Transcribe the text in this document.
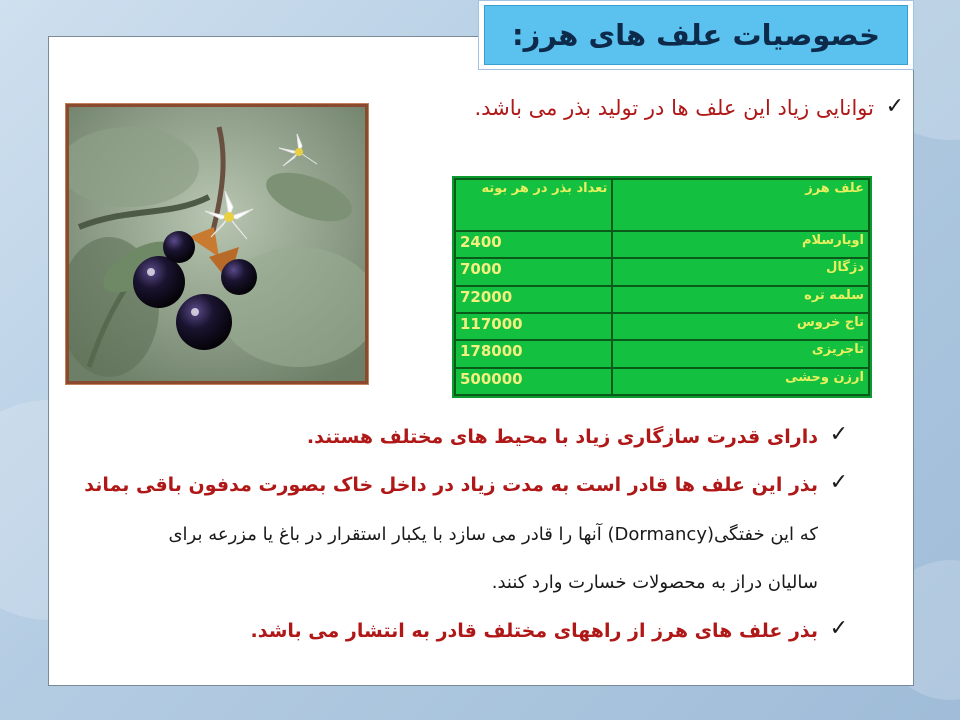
خصوصیات علف های هرز:
✓
توانایی زیاد این علف ها در تولید بذر می باشد.
علف هرز	تعداد بذر در هر بوته
اویارسلام	2400
دژگال	7000
سلمه تره	72000
تاج خروس	117000
تاجریزی	178000
ارزن وحشی	500000
✓
دارای قدرت سازگاری زیاد با محیط های مختلف هستند.
✓
بذر این علف ها قادر است به مدت زیاد در داخل خاک بصورت مدفون باقی بماند
که این خفتگی(Dormancy) آنها را قادر می سازد با یکبار استقرار در باغ یا مزرعه برای
سالیان دراز به محصولات خسارت وارد کنند.
✓
بذر علف های هرز از راههای مختلف قادر به انتشار می باشد.
